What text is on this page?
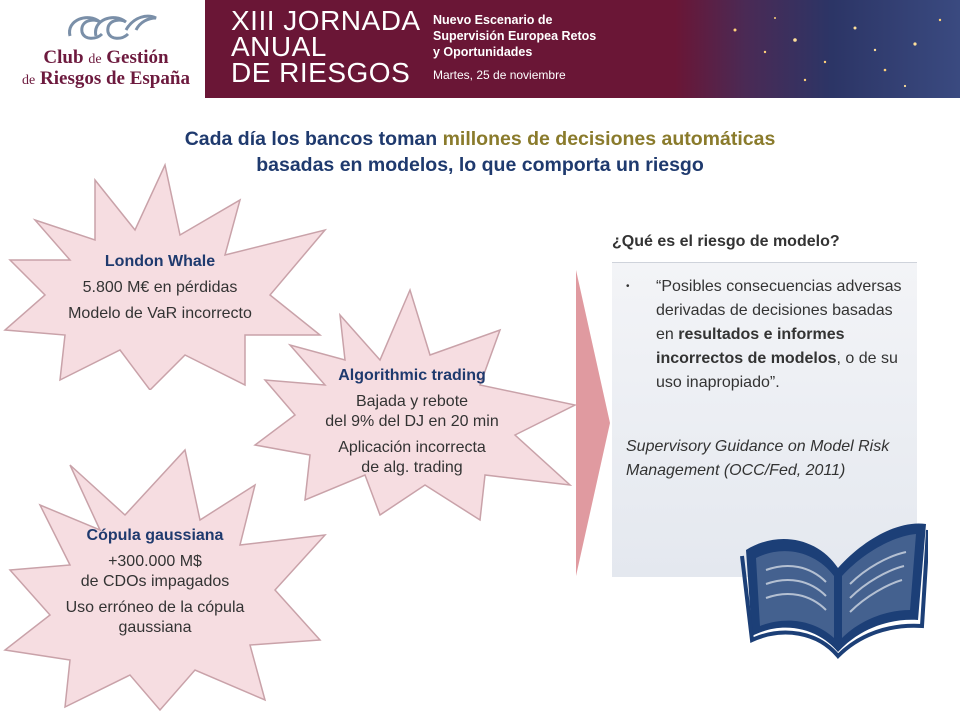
Club de Gestión
de Riesgos de España
XIII JORNADA
ANUAL
DE RIESGOS
Nuevo Escenario de
Supervisión Europea Retos
y Oportunidades
Martes, 25 de noviembre
Cada día los bancos toman millones de decisiones automáticas
basadas en modelos, lo que comporta un riesgo
London Whale
5.800 M€ en pérdidas
Modelo de VaR incorrecto
Algorithmic trading
Bajada y rebote
del 9% del DJ en 20 min
Aplicación incorrecta
de alg. trading
Cópula gaussiana
+300.000 M$
de CDOs impagados
Uso erróneo de la cópula
gaussiana
¿Qué es el riesgo de modelo?
• “Posibles consecuencias adversas derivadas de decisiones basadas en resultados e informes incorrectos de modelos, o de su uso inapropiado”.
Supervisory Guidance on Model Risk Management (OCC/Fed, 2011)
